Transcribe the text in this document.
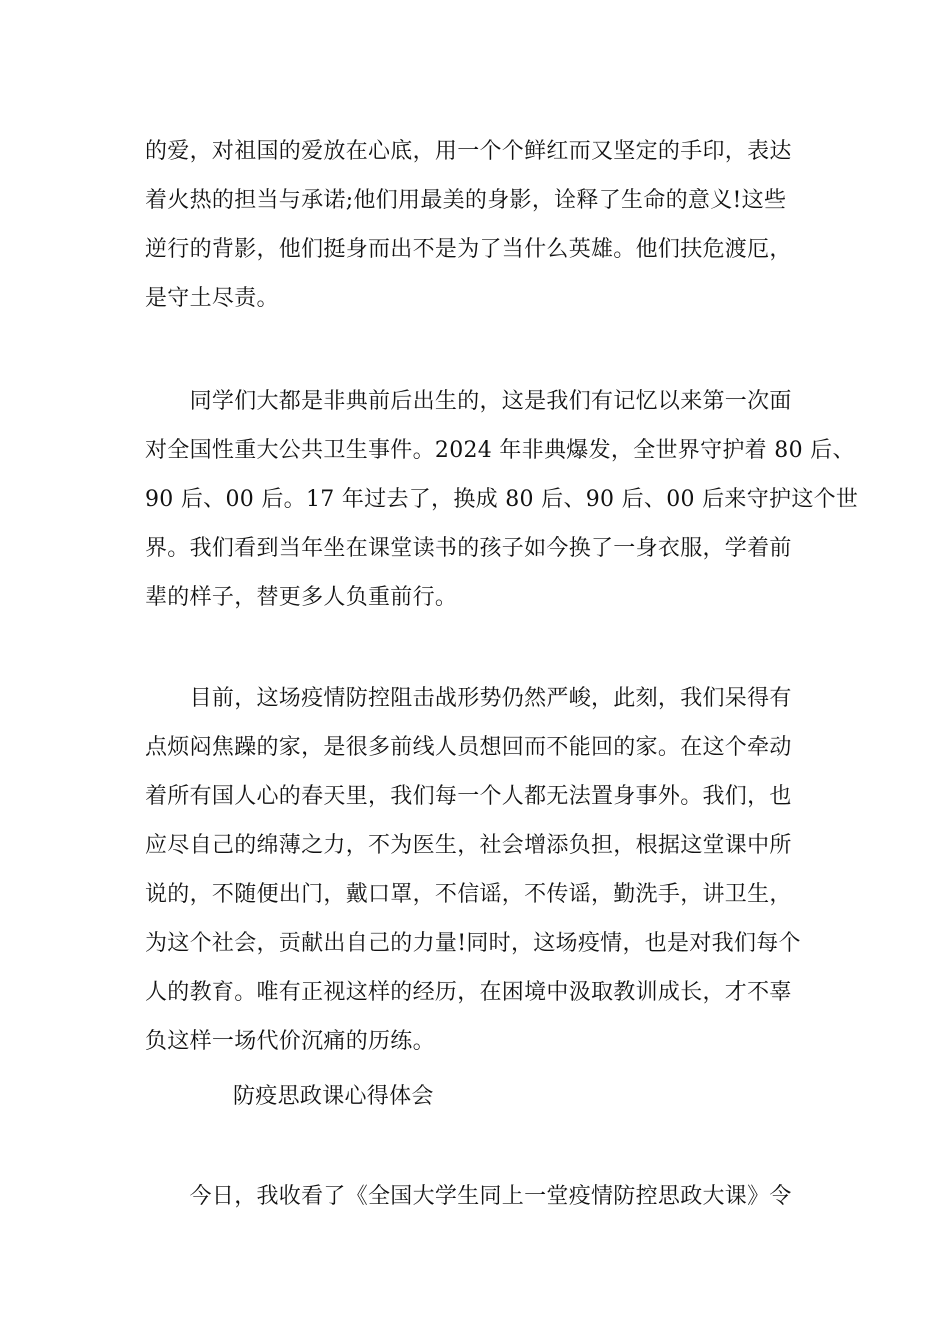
的爱，对祖国的爱放在心底，用一个个鲜红而又坚定的手印，表达
着火热的担当与承诺;他们用最美的身影，诠释了生命的意义!这些
逆行的背影，他们挺身而出不是为了当什么英雄。他们扶危渡厄，
是守土尽责。

　　同学们大都是非典前后出生的，这是我们有记忆以来第一次面
对全国性重大公共卫生事件。2024 年非典爆发，全世界守护着 80 后、
90 后、00 后。17 年过去了，换成 80 后、90 后、00 后来守护这个世
界。我们看到当年坐在课堂读书的孩子如今换了一身衣服，学着前
辈的样子，替更多人负重前行。

　　目前，这场疫情防控阻击战形势仍然严峻，此刻，我们呆得有
点烦闷焦躁的家，是很多前线人员想回而不能回的家。在这个牵动
着所有国人心的春天里，我们每一个人都无法置身事外。我们，也
应尽自己的绵薄之力，不为医生，社会增添负担，根据这堂课中所
说的，不随便出门，戴口罩，不信谣，不传谣，勤洗手，讲卫生，
为这个社会，贡献出自己的力量!同时，这场疫情，也是对我们每个
人的教育。唯有正视这样的经历，在困境中汲取教训成长，才不辜
负这样一场代价沉痛的历练。

防疫思政课心得体会

　　今日，我收看了《全国大学生同上一堂疫情防控思政大课》令
